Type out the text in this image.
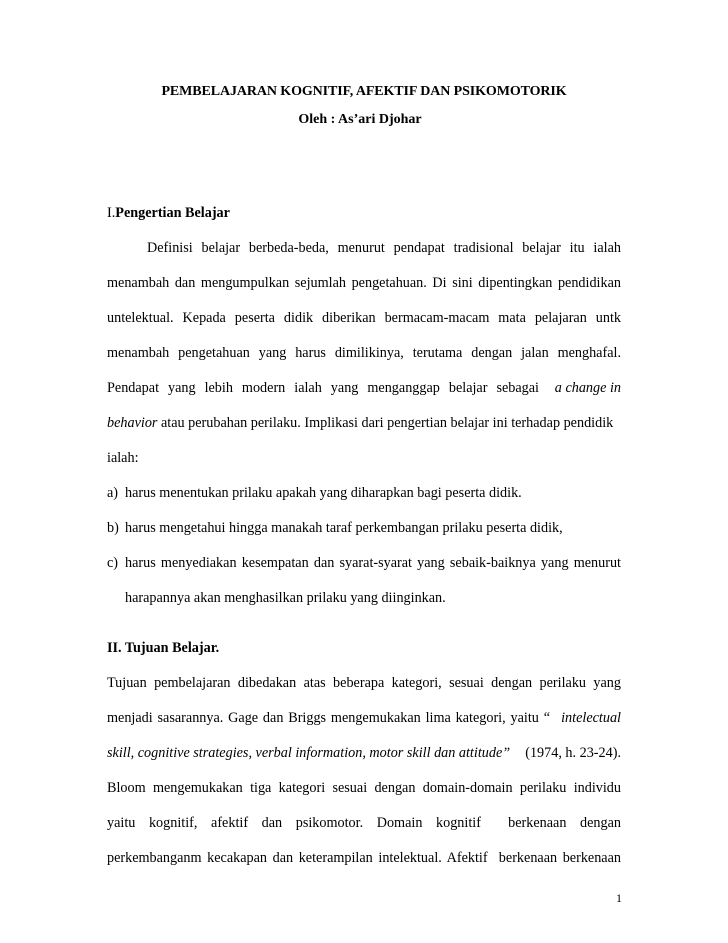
PEMBELAJARAN KOGNITIF, AFEKTIF DAN PSIKOMOTORIK

Oleh : As’ari Djohar

I.Pengertian Belajar

Definisi belajar berbeda-beda, menurut pendapat tradisional belajar itu ialah
menambah dan mengumpulkan sejumlah pengetahuan. Di sini dipentingkan pendidikan
untelektual. Kepada peserta didik diberikan bermacam-macam mata pelajaran untk
menambah pengetahuan yang harus dimilikinya, terutama dengan jalan menghafal.
Pendapat yang lebih modern ialah yang menganggap belajar sebagai a change in
behavior atau perubahan perilaku. Implikasi dari pengertian belajar ini terhadap pendidik
ialah:
a) harus menentukan prilaku apakah yang diharapkan bagi peserta didik.
b) harus mengetahui hingga manakah taraf perkembangan prilaku peserta didik,
c) harus menyediakan kesempatan dan syarat-syarat yang sebaik-baiknya yang menurut
harapannya akan menghasilkan prilaku yang diinginkan.

II. Tujuan Belajar.

Tujuan pembelajaran dibedakan atas beberapa kategori, sesuai dengan perilaku yang
menjadi sasarannya. Gage dan Briggs mengemukakan lima kategori, yaitu “ intelectual
skill, cognitive strategies, verbal information, motor skill dan attitude” (1974, h. 23-24).
Bloom mengemukakan tiga kategori sesuai dengan domain-domain perilaku individu
yaitu kognitif, afektif dan psikomotor. Domain kognitif  berkenaan dengan
perkembanganm kecakapan dan keterampilan intelektual. Afektif  berkenaan berkenaan
1
